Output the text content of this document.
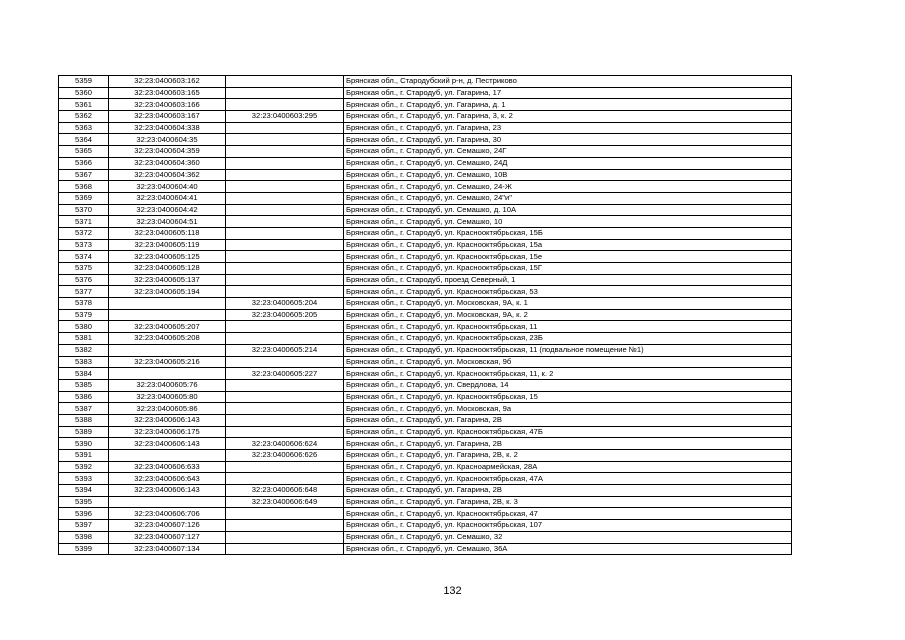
5359	32:23:0400603:162		Брянская обл., Стародубский р-н, д. Пестриково
5360	32:23:0400603:165		Брянская обл., г. Стародуб, ул. Гагарина, 17
5361	32:23:0400603:166		Брянская обл., г. Стародуб, ул. Гагарина, д. 1
5362	32:23:0400603:167	32:23:0400603:295	Брянская обл., г. Стародуб, ул. Гагарина, 3, к. 2
5363	32:23:0400604:338		Брянская обл., г. Стародуб, ул. Гагарина, 23
5364	32:23:0400604:35		Брянская обл., г. Стародуб, ул. Гагарина, 30
5365	32:23:0400604:359		Брянская обл., г. Стародуб, ул. Семашко, 24Г
5366	32:23:0400604:360		Брянская обл., г. Стародуб, ул. Семашко, 24Д
5367	32:23:0400604:362		Брянская обл., г. Стародуб, ул. Семашко, 10В
5368	32:23:0400604:40		Брянская обл., г. Стародуб, ул. Семашко, 24-Ж
5369	32:23:0400604:41		Брянская обл., г. Стародуб, ул. Семашко, 24"и"
5370	32:23:0400604:42		Брянская обл., г. Стародуб, ул. Семашко, д. 10А
5371	32:23:0400604:51		Брянская обл., г. Стародуб, ул. Семашко, 10
5372	32:23:0400605:118		Брянская обл., г. Стародуб, ул. Краснооктябрьская, 15Б
5373	32:23:0400605:119		Брянская обл., г. Стародуб, ул. Краснооктябрьская, 15а
5374	32:23:0400605:125		Брянская обл., г. Стародуб, ул. Краснооктябрьская, 15е
5375	32:23:0400605:128		Брянская обл., г. Стародуб, ул. Краснооктябрьская, 15Г
5376	32:23:0400605:137		Брянская обл., г. Стародуб, проезд Северный, 1
5377	32:23:0400605:194		Брянская обл., г. Стародуб, ул. Краснооктябрьская, 53
5378		32:23:0400605:204	Брянская обл., г. Стародуб, ул. Московская, 9А, к. 1
5379		32:23:0400605:205	Брянская обл., г. Стародуб, ул. Московская, 9А, к. 2
5380	32:23:0400605:207		Брянская обл., г. Стародуб, ул. Краснооктябрьская, 11
5381	32:23:0400605:208		Брянская обл., г. Стародуб, ул. Краснооктябрьская, 23Б
5382		32:23:0400605:214	Брянская обл., г. Стародуб, ул. Краснооктябрьская, 11 (подвальное помещение №1)
5383	32:23:0400605:216		Брянская обл., г. Стародуб, ул. Московская, 9б
5384		32:23:0400605:227	Брянская обл., г. Стародуб, ул. Краснооктябрьская, 11, к. 2
5385	32:23:0400605:76		Брянская обл., г. Стародуб, ул. Свердлова, 14
5386	32:23:0400605:80		Брянская обл., г. Стародуб, ул. Краснооктябрьская, 15
5387	32:23:0400605:86		Брянская обл., г. Стародуб, ул. Московская, 9а
5388	32:23:0400606:143		Брянская обл., г. Стародуб, ул. Гагарина, 2В
5389	32:23:0400606:175		Брянская обл., г. Стародуб, ул. Краснооктябрьская, 47Б
5390	32:23:0400606:143	32:23:0400606:624	Брянская обл., г. Стародуб, ул. Гагарина, 2В
5391		32:23:0400606:626	Брянская обл., г. Стародуб, ул. Гагарина, 2В, к. 2
5392	32:23:0400606:633		Брянская обл., г. Стародуб, ул. Красноармейская, 28А
5393	32:23:0400606:643		Брянская обл., г. Стародуб, ул. Краснооктябрьская, 47А
5394	32:23:0400606:143	32:23:0400606:648	Брянская обл., г. Стародуб, ул. Гагарина, 2В
5395		32:23:0400606:649	Брянская обл., г. Стародуб, ул. Гагарина, 2В, к. 3
5396	32:23:0400606:706		Брянская обл., г. Стародуб, ул. Краснооктябрьская, 47
5397	32:23:0400607:126		Брянская обл., г. Стародуб, ул. Краснооктябрьская, 107
5398	32:23:0400607:127		Брянская обл., г. Стародуб, ул. Семашко, 32
5399	32:23:0400607:134		Брянская обл., г. Стародуб, ул. Семашко, 36А
132
